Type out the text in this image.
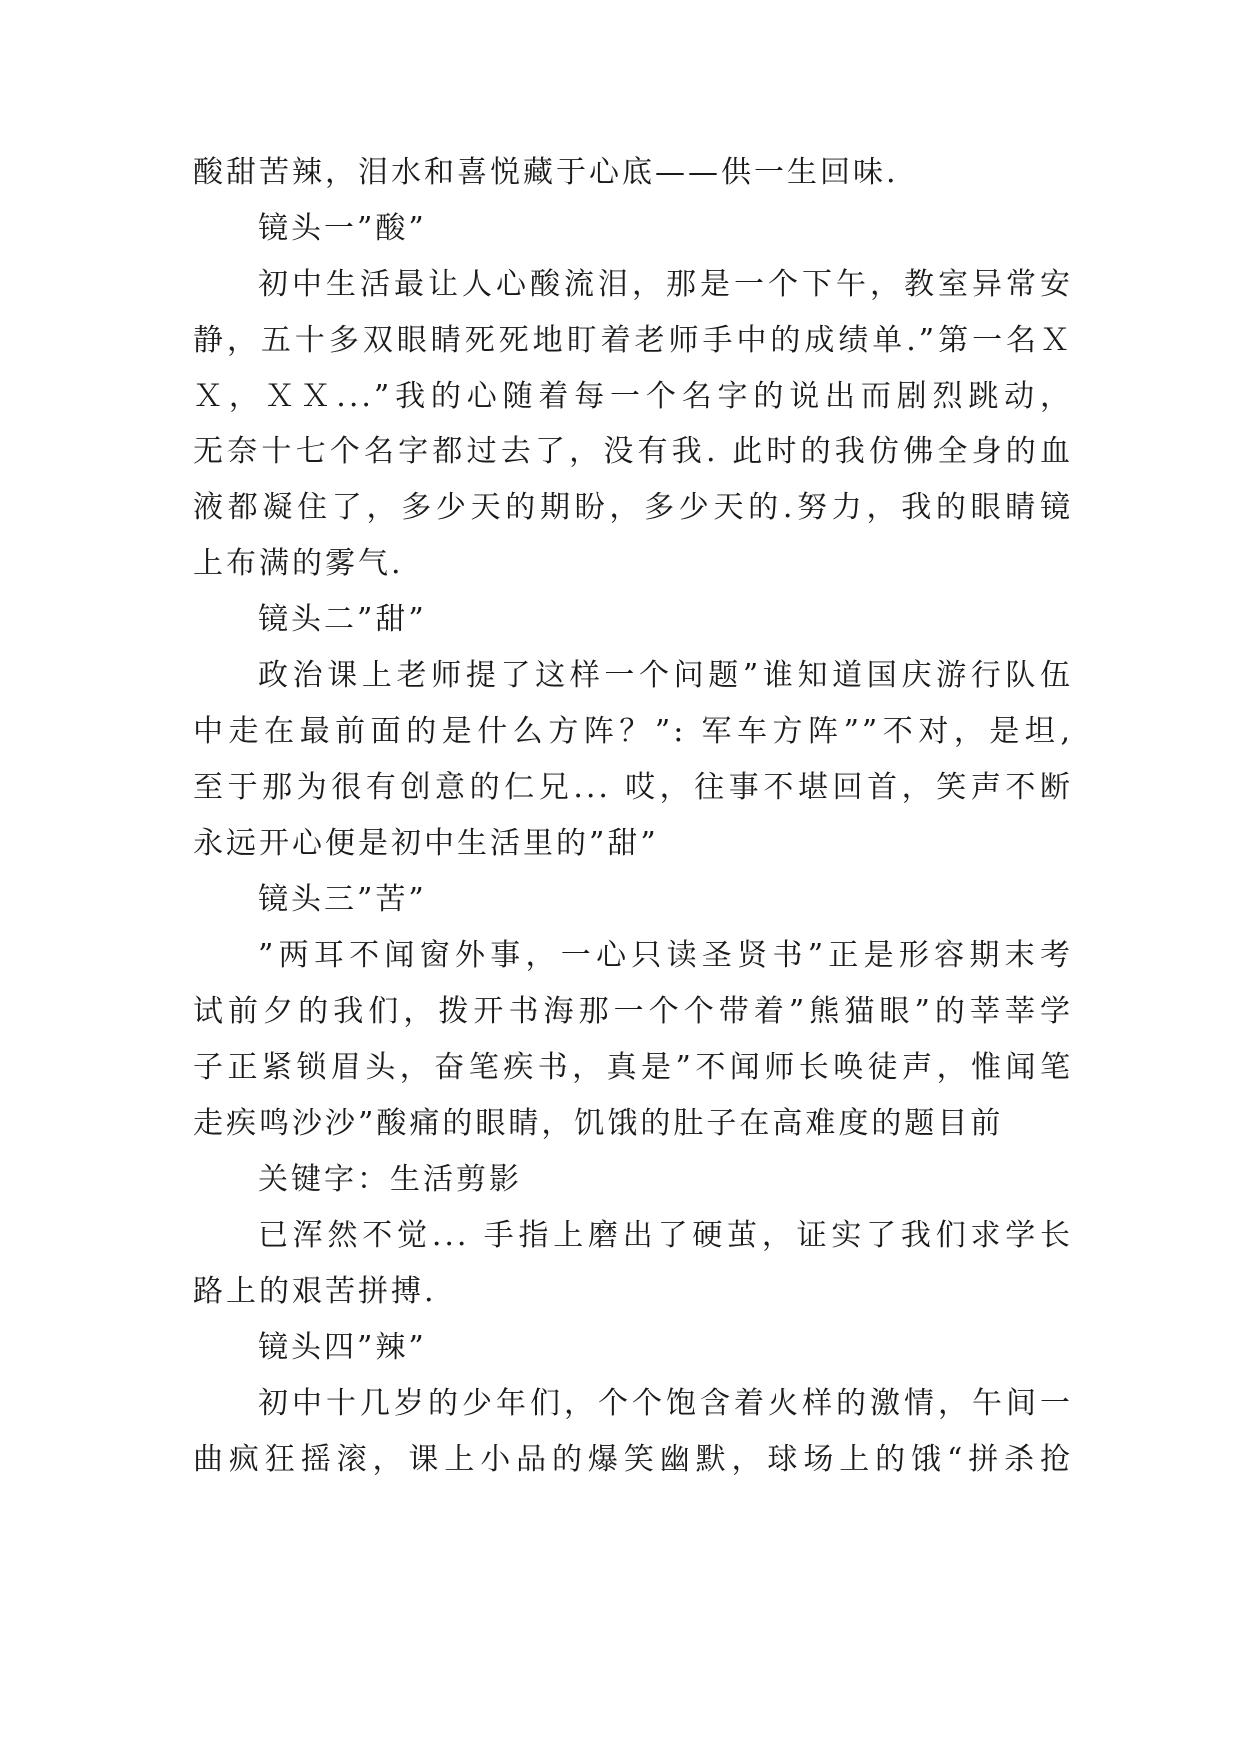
酸甜苦辣，泪水和喜悦藏于心底——供一生回味.
镜头一”酸”
初中生活最让人心酸流泪，那是一个下午，教室异常安
静，五十多双眼睛死死地盯着老师手中的成绩单.”第一名Ｘ
Ｘ，ＸＸ...”我的心随着每一个名字的说出而剧烈跳动，
无奈十七个名字都过去了，没有我. 此时的我仿佛全身的血
液都凝住了，多少天的期盼，多少天的.努力，我的眼睛镜
上布满的雾气.
镜头二”甜”
政治课上老师提了这样一个问题”谁知道国庆游行队伍
中走在最前面的是什么方阵？”: 军车方阵””不对，是坦,
至于那为很有创意的仁兄... 哎，往事不堪回首，笑声不断
永远开心便是初中生活里的”甜”
镜头三”苦”
”两耳不闻窗外事，一心只读圣贤书”正是形容期末考
试前夕的我们，拨开书海那一个个带着”熊猫眼”的莘莘学
子正紧锁眉头，奋笔疾书，真是”不闻师长唤徒声，惟闻笔
走疾鸣沙沙”酸痛的眼睛，饥饿的肚子在高难度的题目前
关键字：生活剪影
已浑然不觉... 手指上磨出了硬茧，证实了我们求学长
路上的艰苦拼搏.
镜头四”辣”
初中十几岁的少年们，个个饱含着火样的激情，午间一
曲疯狂摇滚，课上小品的爆笑幽默，球场上的饿“拼杀抢
